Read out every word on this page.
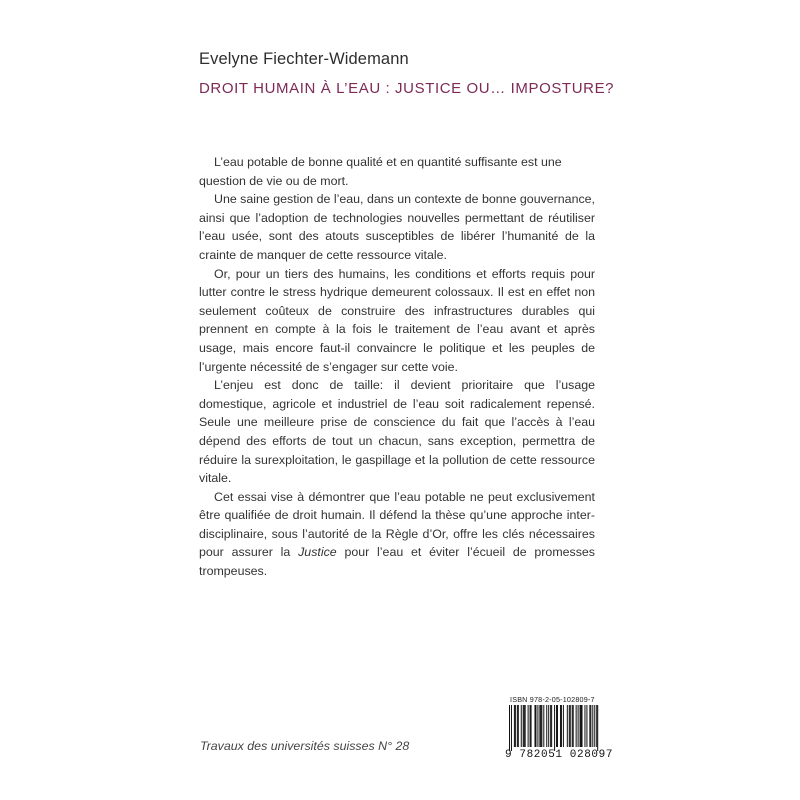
Evelyne Fiechter-Widemann
DROIT HUMAIN À L’EAU : JUSTICE OU… IMPOSTURE?

L’eau potable de bonne qualité et en quantité suffisante est une question de vie ou de mort.

Une saine gestion de l’eau, dans un contexte de bonne gouvernance, ainsi que l’adoption de technologies nouvelles permettant de réutiliser l’eau usée, sont des atouts susceptibles de libérer l’humanité de la crainte de manquer de cette ressource vitale.

Or, pour un tiers des humains, les conditions et efforts requis pour lutter contre le stress hydrique demeurent colossaux. Il est en effet non seulement coûteux de construire des infrastructures durables qui prennent en compte à la fois le traitement de l’eau avant et après usage, mais encore faut-il convaincre le politique et les peuples de l’urgente nécessité de s’engager sur cette voie.

L’enjeu est donc de taille: il devient prioritaire que l’usage domestique, agricole et industriel de l’eau soit radicalement repensé. Seule une meilleure prise de conscience du fait que l’accès à l’eau dépend des efforts de tout un chacun, sans exception, permettra de réduire la surexploitation, le gaspillage et la pollution de cette ressource vitale.

Cet essai vise à démontrer que l’eau potable ne peut exclusivement être qualifiée de droit humain. Il défend la thèse qu’une approche inter-disciplinaire, sous l’autorité de la Règle d’Or, offre les clés nécessaires pour assurer la Justice pour l’eau et éviter l’écueil de promesses trompeuses.

Travaux des universités suisses N° 28
ISBN 978-2-05-102809-7
9 782051 028097
